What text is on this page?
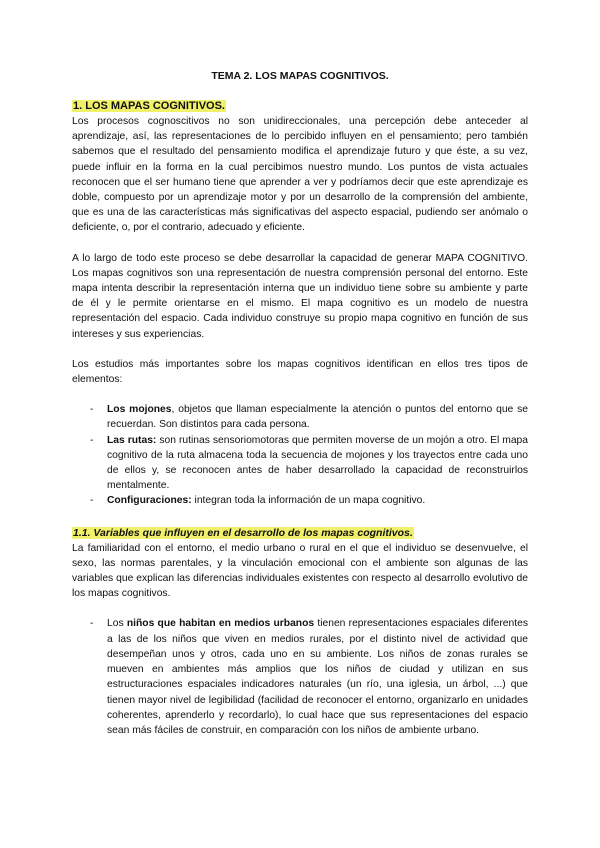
TEMA 2. LOS MAPAS COGNITIVOS.
1. LOS MAPAS COGNITIVOS.

Los procesos cognoscitivos no son unidireccionales, una percepción debe anteceder al aprendizaje, así, las representaciones de lo percibido influyen en el pensamiento; pero también sabemos que el resultado del pensamiento modifica el aprendizaje futuro y que éste, a su vez, puede influir en la forma en la cual percibimos nuestro mundo. Los puntos de vista actuales reconocen que el ser humano tiene que aprender a ver y podríamos decir que este aprendizaje es doble, compuesto por un aprendizaje motor y por un desarrollo de la comprensión del ambiente, que es una de las características más significativas del aspecto espacial, pudiendo ser anómalo o deficiente, o, por el contrario, adecuado y eficiente.

A lo largo de todo este proceso se debe desarrollar la capacidad de generar MAPA COGNITIVO. Los mapas cognitivos son una representación de nuestra comprensión personal del entorno. Este mapa intenta describir la representación interna que un individuo tiene sobre su ambiente y parte de él y le permite orientarse en el mismo. El mapa cognitivo es un modelo de nuestra representación del espacio. Cada individuo construye su propio mapa cognitivo en función de sus intereses y sus experiencias.

Los estudios más importantes sobre los mapas cognitivos identifican en ellos tres tipos de elementos:

- Los mojones, objetos que llaman especialmente la atención o puntos del entorno que se recuerdan. Son distintos para cada persona.
- Las rutas: son rutinas sensoriomotoras que permiten moverse de un mojón a otro. El mapa cognitivo de la ruta almacena toda la secuencia de mojones y los trayectos entre cada uno de ellos y, se reconocen antes de haber desarrollado la capacidad de reconstruirlos mentalmente.
- Configuraciones: integran toda la información de un mapa cognitivo.
1.1. Variables que influyen en el desarrollo de los mapas cognitivos.

La familiaridad con el entorno, el medio urbano o rural en el que el individuo se desenvuelve, el sexo, las normas parentales, y la vinculación emocional con el ambiente son algunas de las variables que explican las diferencias individuales existentes con respecto al desarrollo evolutivo de los mapas cognitivos.

- Los niños que habitan en medios urbanos tienen representaciones espaciales diferentes a las de los niños que viven en medios rurales, por el distinto nivel de actividad que desempeñan unos y otros, cada uno en su ambiente. Los niños de zonas rurales se mueven en ambientes más amplios que los niños de ciudad y utilizan en sus estructuraciones espaciales indicadores naturales (un río, una iglesia, un árbol, ...) que tienen mayor nivel de legibilidad (facilidad de reconocer el entorno, organizarlo en unidades coherentes, aprenderlo y recordarlo), lo cual hace que sus representaciones del espacio sean más fáciles de construir, en comparación con los niños de ambiente urbano.
